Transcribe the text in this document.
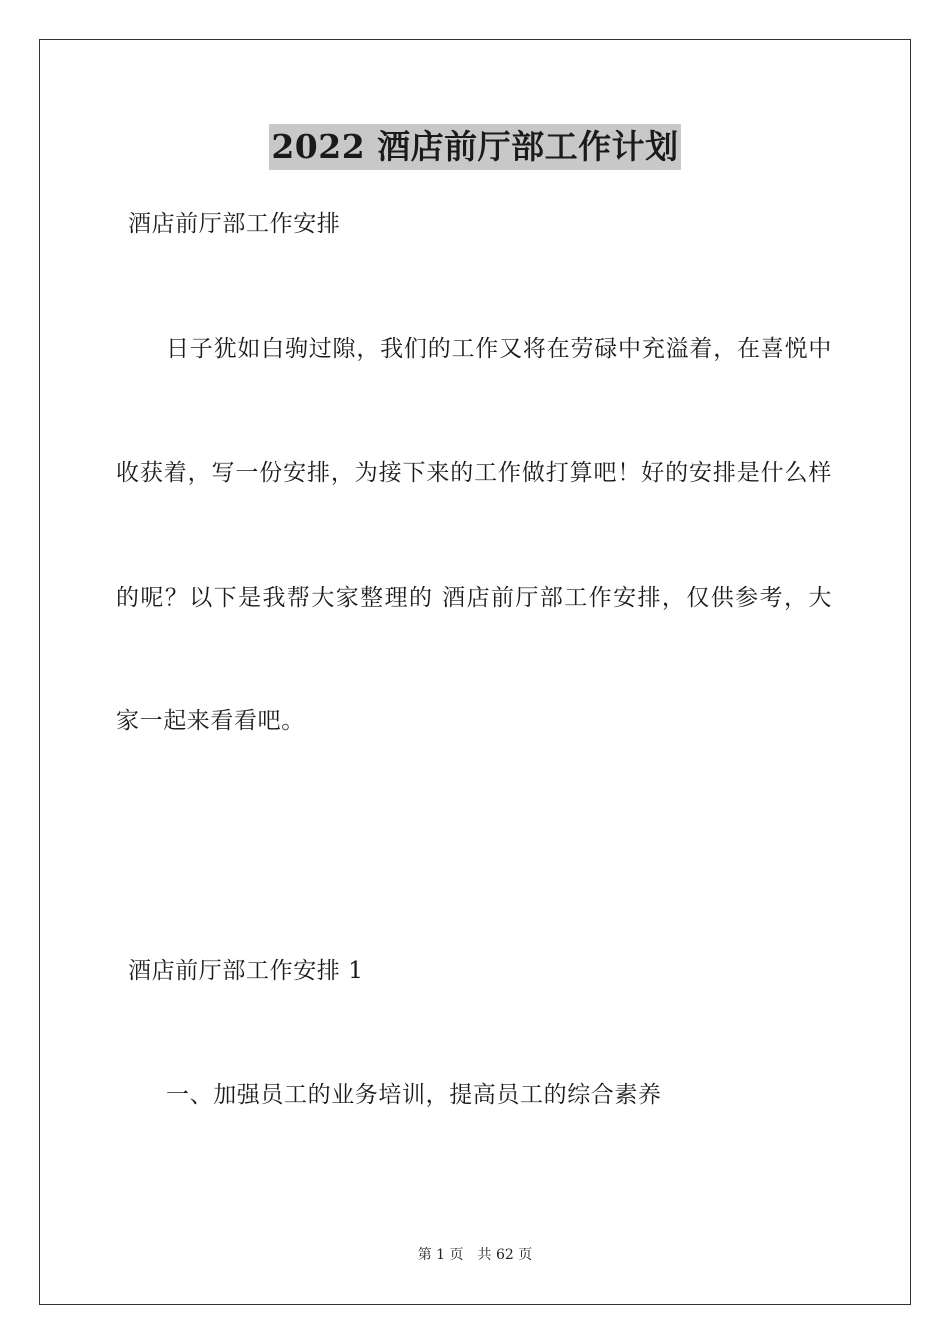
2022 酒店前厅部工作计划
酒店前厅部工作安排
日子犹如白驹过隙，我们的工作又将在劳碌中充溢着，在喜悦中
收获着，写一份安排，为接下来的工作做打算吧！好的安排是什么样
的呢？以下是我帮大家整理的 酒店前厅部工作安排，仅供参考，大
家一起来看看吧。
酒店前厅部工作安排 1
一、加强员工的业务培训，提高员工的综合素养
第 1 页　共 62 页
